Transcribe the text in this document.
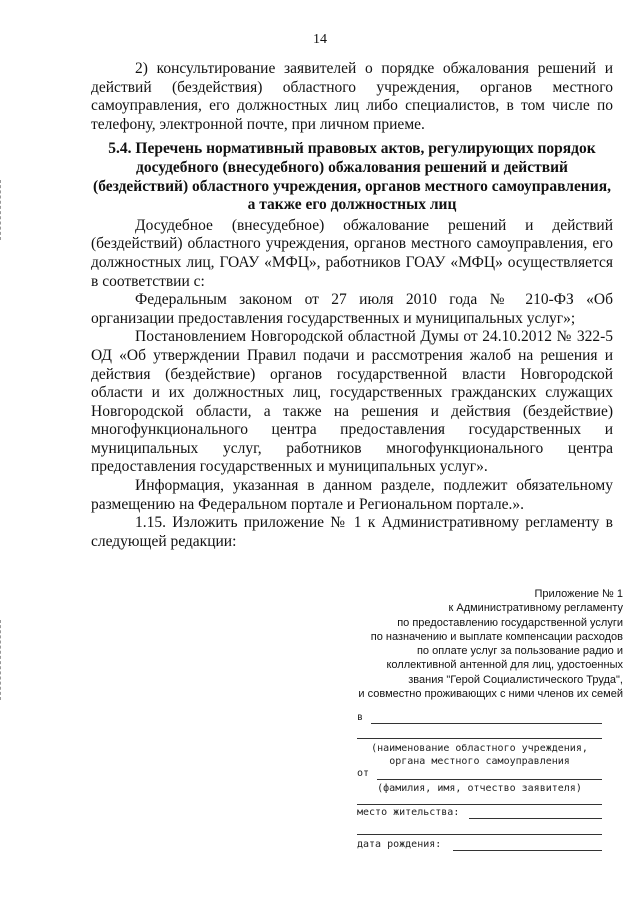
14

2) консультирование заявителей о порядке обжалования решений и действий (бездействия) областного учреждения, органов местного самоуправления, его должностных лиц либо специалистов, в том числе по телефону, электронной почте, при личном приеме.

5.4. Перечень нормативный правовых актов, регулирующих порядок досудебного (внесудебного) обжалования решений и действий (бездействий) областного учреждения, органов местного самоуправления, а также его должностных лиц

Досудебное (внесудебное) обжалование решений и действий (бездействий) областного учреждения, органов местного самоуправления, его должностных лиц, ГОАУ «МФЦ», работников ГОАУ «МФЦ» осуществляется в соответствии с:

Федеральным законом от 27 июля 2010 года № 210-ФЗ «Об организации предоставления государственных и муниципальных услуг»;

Постановлением Новгородской областной Думы от 24.10.2012 № 322-5 ОД «Об утверждении Правил подачи и рассмотрения жалоб на решения и действия (бездействие) органов государственной власти Новгородской области и их должностных лиц, государственных гражданских служащих Новгородской области, а также на решения и действия (бездействие) многофункционального центра предоставления государственных и муниципальных услуг, работников многофункционального центра предоставления государственных и муниципальных услуг».

Информация, указанная в данном разделе, подлежит обязательному размещению на Федеральном портале и Региональном портале.».

1.15. Изложить приложение № 1 к Административному регламенту в следующей редакции:

Приложение № 1
к Административному регламенту
по предоставлению государственной услуги
по назначению и выплате компенсации расходов
по оплате услуг за пользование радио и
коллективной антенной для лиц, удостоенных
звания "Герой Социалистического Труда",
и совместно проживающих с ними членов их семей
в
(наименование областного учреждения,
органа местного самоуправления
от
(фамилия, имя, отчество заявителя)
место жительства:
дата рождения:
